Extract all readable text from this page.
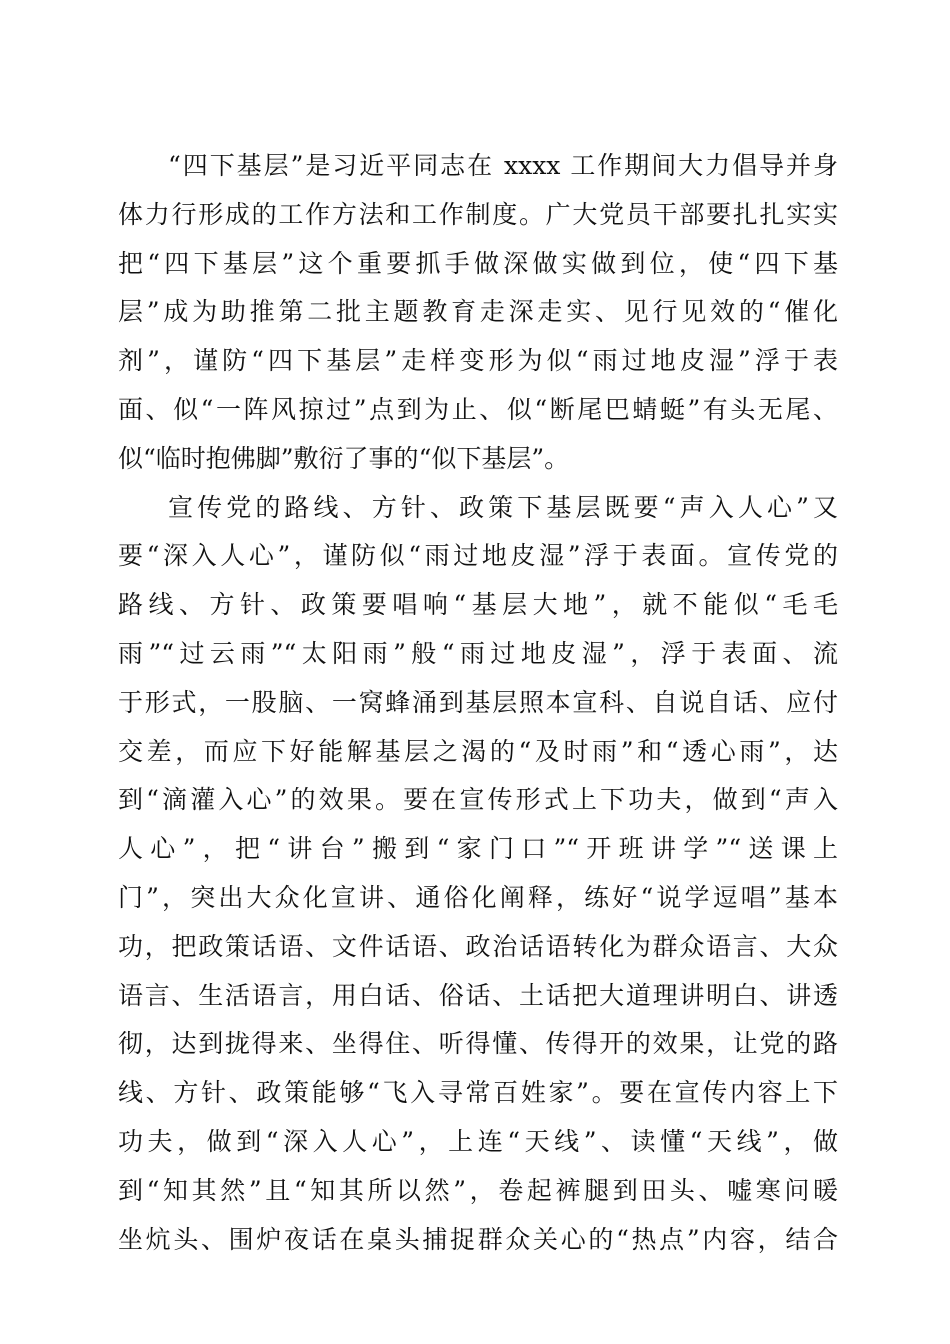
“四下基层”是习近平同志在 xxxx 工作期间大力倡导并身
体力行形成的工作方法和工作制度。广大党员干部要扎扎实实
把“四下基层”这个重要抓手做深做实做到位，使“四下基
层”成为助推第二批主题教育走深走实、见行见效的“催化
剂”，谨防“四下基层”走样变形为似“雨过地皮湿”浮于表
面、似“一阵风掠过”点到为止、似“断尾巴蜻蜓”有头无尾、
似“临时抱佛脚”敷衍了事的“似下基层”。
宣传党的路线、方针、政策下基层既要“声入人心”又
要“深入人心”，谨防似“雨过地皮湿”浮于表面。宣传党的
路线、方针、政策要唱响“基层大地”，就不能似“毛毛
雨”“过云雨”“太阳雨”般“雨过地皮湿”，浮于表面、流
于形式，一股脑、一窝蜂涌到基层照本宣科、自说自话、应付
交差，而应下好能解基层之渴的“及时雨”和“透心雨”，达
到“滴灌入心”的效果。要在宣传形式上下功夫，做到“声入
人心”，把“讲台”搬到“家门口”“开班讲学”“送课上
门”，突出大众化宣讲、通俗化阐释，练好“说学逗唱”基本
功，把政策话语、文件话语、政治话语转化为群众语言、大众
语言、生活语言，用白话、俗话、土话把大道理讲明白、讲透
彻，达到拢得来、坐得住、听得懂、传得开的效果，让党的路
线、方针、政策能够“飞入寻常百姓家”。要在宣传内容上下
功夫，做到“深入人心”，上连“天线”、读懂“天线”，做
到“知其然”且“知其所以然”，卷起裤腿到田头、嘘寒问暖
坐炕头、围炉夜话在桌头捕捉群众关心的“热点”内容，结合
